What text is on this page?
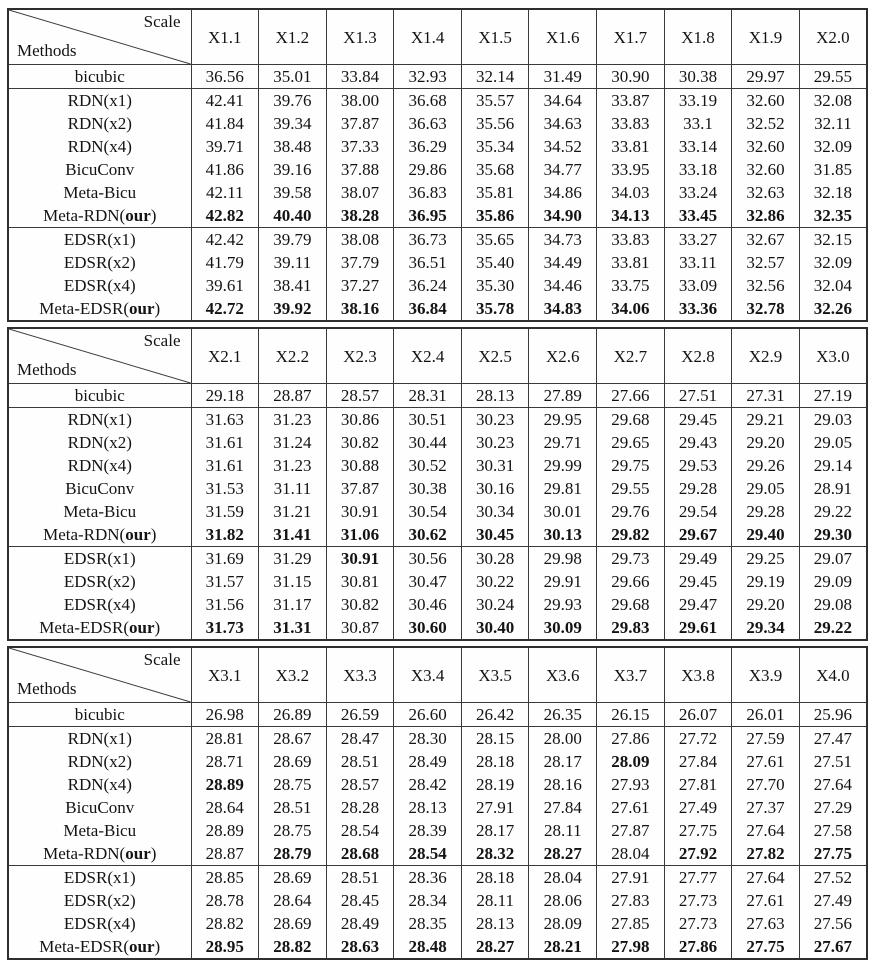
Scale
Methods	X1.1	X1.2	X1.3	X1.4	X1.5	X1.6	X1.7	X1.8	X1.9	X2.0
bicubic	36.56	35.01	33.84	32.93	32.14	31.49	30.90	30.38	29.97	29.55
RDN(x1)	42.41	39.76	38.00	36.68	35.57	34.64	33.87	33.19	32.60	32.08
RDN(x2)	41.84	39.34	37.87	36.63	35.56	34.63	33.83	33.1	32.52	32.11
RDN(x4)	39.71	38.48	37.33	36.29	35.34	34.52	33.81	33.14	32.60	32.09
BicuConv	41.86	39.16	37.88	29.86	35.68	34.77	33.95	33.18	32.60	31.85
Meta-Bicu	42.11	39.58	38.07	36.83	35.81	34.86	34.03	33.24	32.63	32.18
Meta-RDN(our)	42.82	40.40	38.28	36.95	35.86	34.90	34.13	33.45	32.86	32.35
EDSR(x1)	42.42	39.79	38.08	36.73	35.65	34.73	33.83	33.27	32.67	32.15
EDSR(x2)	41.79	39.11	37.79	36.51	35.40	34.49	33.81	33.11	32.57	32.09
EDSR(x4)	39.61	38.41	37.27	36.24	35.30	34.46	33.75	33.09	32.56	32.04
Meta-EDSR(our)	42.72	39.92	38.16	36.84	35.78	34.83	34.06	33.36	32.78	32.26
Scale
Methods	X2.1	X2.2	X2.3	X2.4	X2.5	X2.6	X2.7	X2.8	X2.9	X3.0
bicubic	29.18	28.87	28.57	28.31	28.13	27.89	27.66	27.51	27.31	27.19
RDN(x1)	31.63	31.23	30.86	30.51	30.23	29.95	29.68	29.45	29.21	29.03
RDN(x2)	31.61	31.24	30.82	30.44	30.23	29.71	29.65	29.43	29.20	29.05
RDN(x4)	31.61	31.23	30.88	30.52	30.31	29.99	29.75	29.53	29.26	29.14
BicuConv	31.53	31.11	37.87	30.38	30.16	29.81	29.55	29.28	29.05	28.91
Meta-Bicu	31.59	31.21	30.91	30.54	30.34	30.01	29.76	29.54	29.28	29.22
Meta-RDN(our)	31.82	31.41	31.06	30.62	30.45	30.13	29.82	29.67	29.40	29.30
EDSR(x1)	31.69	31.29	30.91	30.56	30.28	29.98	29.73	29.49	29.25	29.07
EDSR(x2)	31.57	31.15	30.81	30.47	30.22	29.91	29.66	29.45	29.19	29.09
EDSR(x4)	31.56	31.17	30.82	30.46	30.24	29.93	29.68	29.47	29.20	29.08
Meta-EDSR(our)	31.73	31.31	30.87	30.60	30.40	30.09	29.83	29.61	29.34	29.22
Scale
Methods	X3.1	X3.2	X3.3	X3.4	X3.5	X3.6	X3.7	X3.8	X3.9	X4.0
bicubic	26.98	26.89	26.59	26.60	26.42	26.35	26.15	26.07	26.01	25.96
RDN(x1)	28.81	28.67	28.47	28.30	28.15	28.00	27.86	27.72	27.59	27.47
RDN(x2)	28.71	28.69	28.51	28.49	28.18	28.17	28.09	27.84	27.61	27.51
RDN(x4)	28.89	28.75	28.57	28.42	28.19	28.16	27.93	27.81	27.70	27.64
BicuConv	28.64	28.51	28.28	28.13	27.91	27.84	27.61	27.49	27.37	27.29
Meta-Bicu	28.89	28.75	28.54	28.39	28.17	28.11	27.87	27.75	27.64	27.58
Meta-RDN(our)	28.87	28.79	28.68	28.54	28.32	28.27	28.04	27.92	27.82	27.75
EDSR(x1)	28.85	28.69	28.51	28.36	28.18	28.04	27.91	27.77	27.64	27.52
EDSR(x2)	28.78	28.64	28.45	28.34	28.11	28.06	27.83	27.73	27.61	27.49
EDSR(x4)	28.82	28.69	28.49	28.35	28.13	28.09	27.85	27.73	27.63	27.56
Meta-EDSR(our)	28.95	28.82	28.63	28.48	28.27	28.21	27.98	27.86	27.75	27.67
